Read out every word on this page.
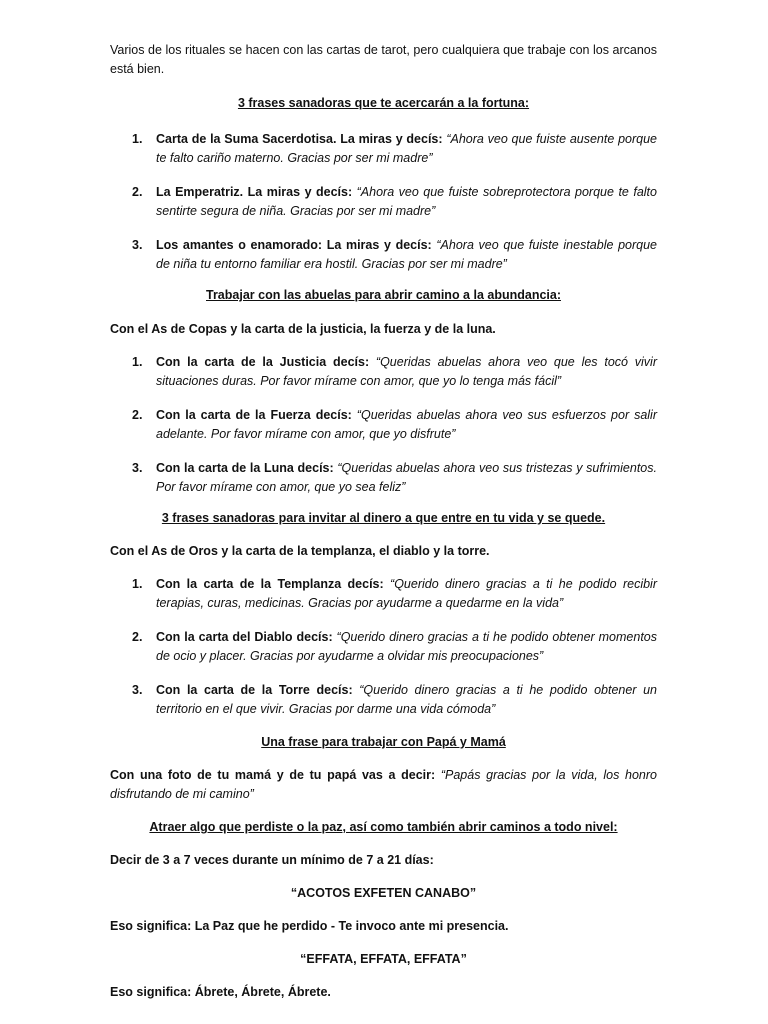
Varios de los rituales se hacen con las cartas de tarot, pero cualquiera que trabaje con los arcanos está bien.

3 frases sanadoras que te acercarán a la fortuna:

1. Carta de la Suma Sacerdotisa. La miras y decís: “Ahora veo que fuiste ausente porque te falto cariño materno. Gracias por ser mi madre”
2. La Emperatriz. La miras y decís: “Ahora veo que fuiste sobreprotectora porque te falto sentirte segura de niña. Gracias por ser mi madre”
3. Los amantes o enamorado: La miras y decís: “Ahora veo que fuiste inestable porque de niña tu entorno familiar era hostil. Gracias por ser mi madre”

Trabajar con las abuelas para abrir camino a la abundancia:

Con el As de Copas y la carta de la justicia, la fuerza y de la luna.

1. Con la carta de la Justicia decís: “Queridas abuelas ahora veo que les tocó vivir situaciones duras. Por favor mírame con amor, que yo lo tenga más fácil”
2. Con la carta de la Fuerza decís: “Queridas abuelas ahora veo sus esfuerzos por salir adelante. Por favor mírame con amor, que yo disfrute”
3. Con la carta de la Luna decís: “Queridas abuelas ahora veo sus tristezas y sufrimientos. Por favor mírame con amor, que yo sea feliz”

3 frases sanadoras para invitar al dinero a que entre en tu vida y se quede.

Con el As de Oros y la carta de la templanza, el diablo y la torre.

1. Con la carta de la Templanza decís: “Querido dinero gracias a ti he podido recibir terapias, curas, medicinas. Gracias por ayudarme a quedarme en la vida”
2. Con la carta del Diablo decís: “Querido dinero gracias a ti he podido obtener momentos de ocio y placer. Gracias por ayudarme a olvidar mis preocupaciones”
3. Con la carta de la Torre decís: “Querido dinero gracias a ti he podido obtener un territorio en el que vivir. Gracias por darme una vida cómoda”

Una frase para trabajar con Papá y Mamá

Con una foto de tu mamá y de tu papá vas a decir: “Papás gracias por la vida, los honro disfrutando de mi camino”

Atraer algo que perdiste o la paz, así como también abrir caminos a todo nivel:

Decir de 3 a 7 veces durante un mínimo de 7 a 21 días:

“ACOTOS EXFETEN CANABO”

Eso significa: La Paz que he perdido - Te invoco ante mi presencia.

“EFFATA, EFFATA, EFFATA”

Eso significa: Ábrete, Ábrete, Ábrete.
